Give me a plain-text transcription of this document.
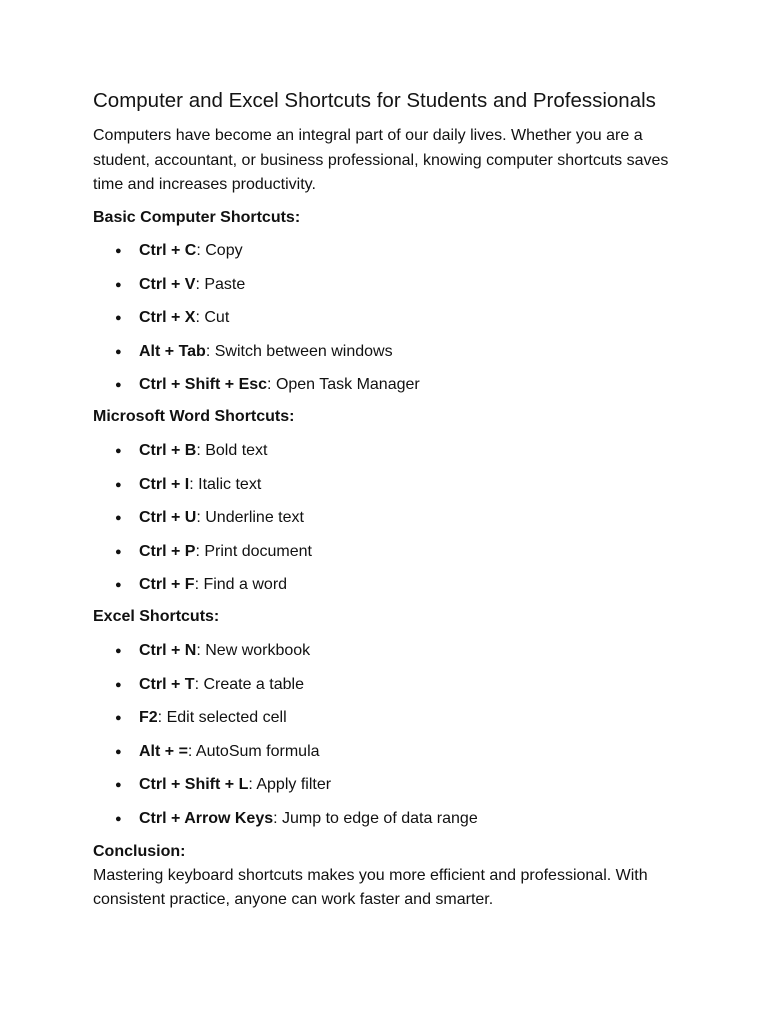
Computer and Excel Shortcuts for Students and Professionals

Computers have become an integral part of our daily lives. Whether you are a student, accountant, or business professional, knowing computer shortcuts saves time and increases productivity.

Basic Computer Shortcuts:
● Ctrl + C: Copy
● Ctrl + V: Paste
● Ctrl + X: Cut
● Alt + Tab: Switch between windows
● Ctrl + Shift + Esc: Open Task Manager
Microsoft Word Shortcuts:
● Ctrl + B: Bold text
● Ctrl + I: Italic text
● Ctrl + U: Underline text
● Ctrl + P: Print document
● Ctrl + F: Find a word
Excel Shortcuts:
● Ctrl + N: New workbook
● Ctrl + T: Create a table
● F2: Edit selected cell
● Alt + =: AutoSum formula
● Ctrl + Shift + L: Apply filter
● Ctrl + Arrow Keys: Jump to edge of data range

Conclusion:

Mastering keyboard shortcuts makes you more efficient and professional. With consistent practice, anyone can work faster and smarter.
